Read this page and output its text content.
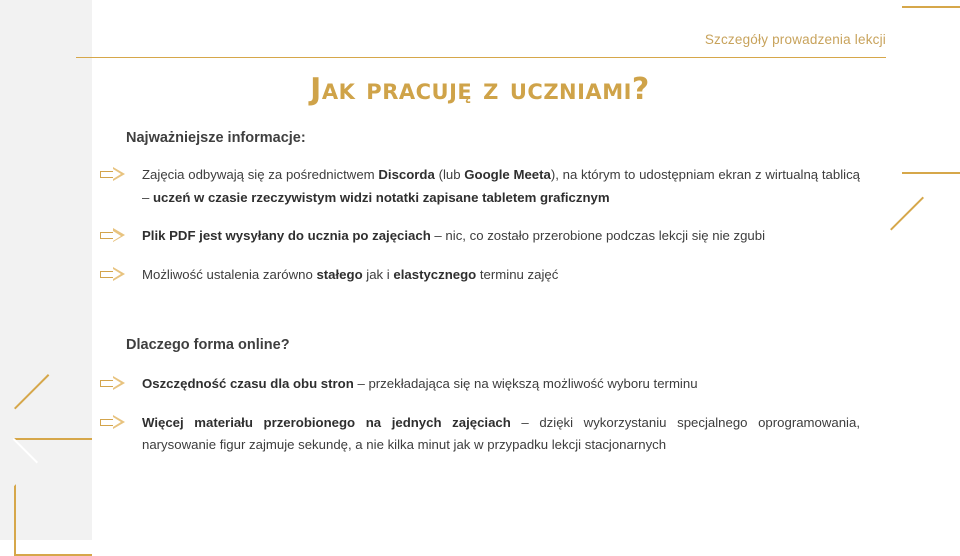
Szczegóły prowadzenia lekcji
Jak pracuję z uczniami?
Najważniejsze informacje:
Zajęcia odbywają się za pośrednictwem Discorda (lub Google Meeta), na którym to udostępniam ekran z wirtualną tablicą – uczeń w czasie rzeczywistym widzi notatki zapisane tabletem graficznym
Plik PDF jest wysyłany do ucznia po zajęciach – nic, co zostało przerobione podczas lekcji się nie zgubi
Możliwość ustalenia zarówno stałego jak i elastycznego terminu zajęć
Dlaczego forma online?
Oszczędność czasu dla obu stron – przekładająca się na większą możliwość wyboru terminu
Więcej materiału przerobionego na jednych zajęciach – dzięki wykorzystaniu specjalnego oprogramowania, narysowanie figur zajmuje sekundę, a nie kilka minut jak w przypadku lekcji stacjonarnych
